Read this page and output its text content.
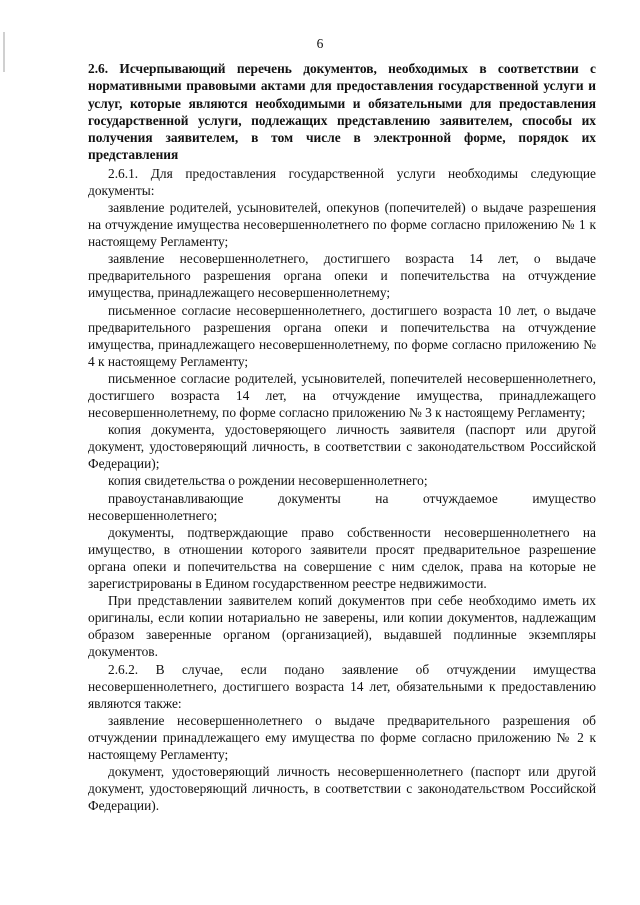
6

2.6. Исчерпывающий перечень документов, необходимых в соответствии с нормативными правовыми актами для предоставления государственной услуги и услуг, которые являются необходимыми и обязательными для предоставления государственной услуги, подлежащих представлению заявителем, способы их получения заявителем, в том числе в электронной форме, порядок их представления

2.6.1. Для предоставления государственной услуги необходимы следующие документы:

заявление родителей, усыновителей, опекунов (попечителей) о выдаче разрешения на отчуждение имущества несовершеннолетнего по форме согласно приложению № 1 к настоящему Регламенту;

заявление несовершеннолетнего, достигшего возраста 14 лет, о выдаче предварительного разрешения органа опеки и попечительства на отчуждение имущества, принадлежащего несовершеннолетнему;

письменное согласие несовершеннолетнего, достигшего возраста 10 лет, о выдаче предварительного разрешения органа опеки и попечительства на отчуждение имущества, принадлежащего несовершеннолетнему, по форме согласно приложению № 4 к настоящему Регламенту;

письменное согласие родителей, усыновителей, попечителей несовершеннолетнего, достигшего возраста 14 лет, на отчуждение имущества, принадлежащего несовершеннолетнему, по форме согласно приложению № 3 к настоящему Регламенту;

копия документа, удостоверяющего личность заявителя (паспорт или другой документ, удостоверяющий личность, в соответствии с законодательством Российской Федерации);

копия свидетельства о рождении несовершеннолетнего;

правоустанавливающие документы на отчуждаемое имущество несовершеннолетнего;

документы, подтверждающие право собственности несовершеннолетнего на имущество, в отношении которого заявители просят предварительное разрешение органа опеки и попечительства на совершение с ним сделок, права на которые не зарегистрированы в Едином государственном реестре недвижимости.

При представлении заявителем копий документов при себе необходимо иметь их оригиналы, если копии нотариально не заверены, или копии документов, надлежащим образом заверенные органом (организацией), выдавшей подлинные экземпляры документов.

2.6.2. В случае, если подано заявление об отчуждении имущества несовершеннолетнего, достигшего возраста 14 лет, обязательными к предоставлению являются также:

заявление несовершеннолетнего о выдаче предварительного разрешения об отчуждении принадлежащего ему имущества по форме согласно приложению № 2 к настоящему Регламенту;

документ, удостоверяющий личность несовершеннолетнего (паспорт или другой документ, удостоверяющий личность, в соответствии с законодательством Российской Федерации).
